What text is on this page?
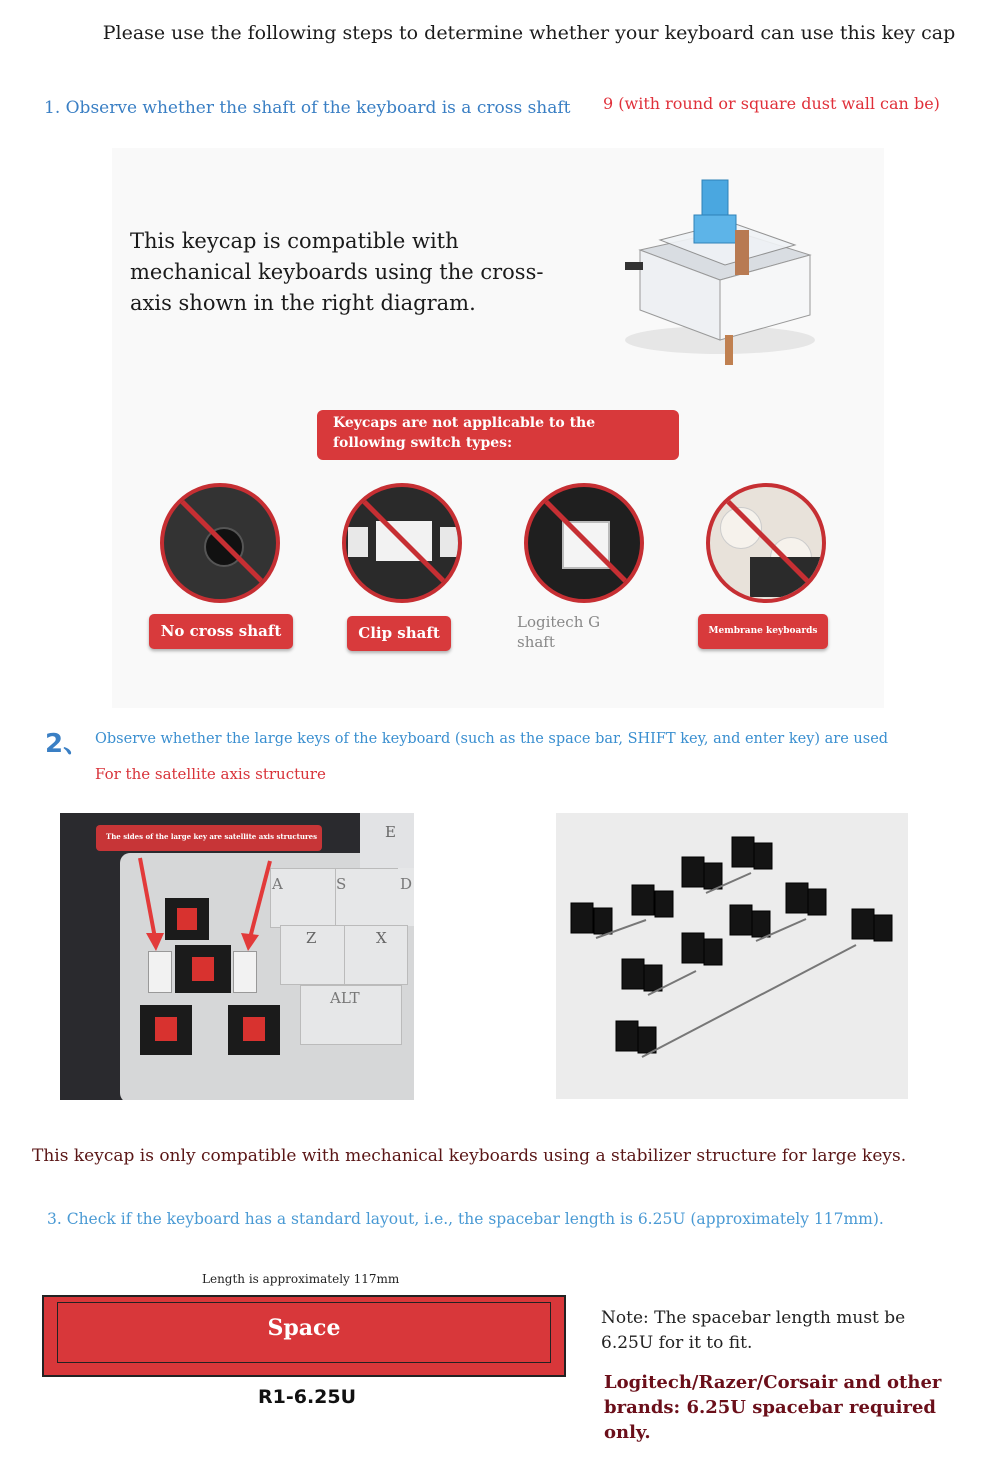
Please use the following steps to determine whether your keyboard can use this key cap
1. Observe whether the shaft of the keyboard is a cross shaft 9 (with round or square dust wall can be)
This keycap is compatible with mechanical keyboards using the cross-axis shown in the right diagram.
Keycaps are not applicable to the following switch types:
No cross shaft	Clip shaft
Logitech G shaft
Membrane keyboards
2、 Observe whether the large keys of the keyboard (such as the space bar, SHIFT key, and enter key) are used
For the satellite axis structure
The sides of the large key are satellite axis structures	E
A	S	D
Z	X
ALT
This keycap is only compatible with mechanical keyboards using a stabilizer structure for large keys.
3. Check if the keyboard has a standard layout, i.e., the spacebar length is 6.25U (approximately 117mm).
Length is approximately 117mm
Space
R1-6.25U
Note: The spacebar length must be 6.25U for it to fit.
Logitech/Razer/Corsair and other brands: 6.25U spacebar required only.
